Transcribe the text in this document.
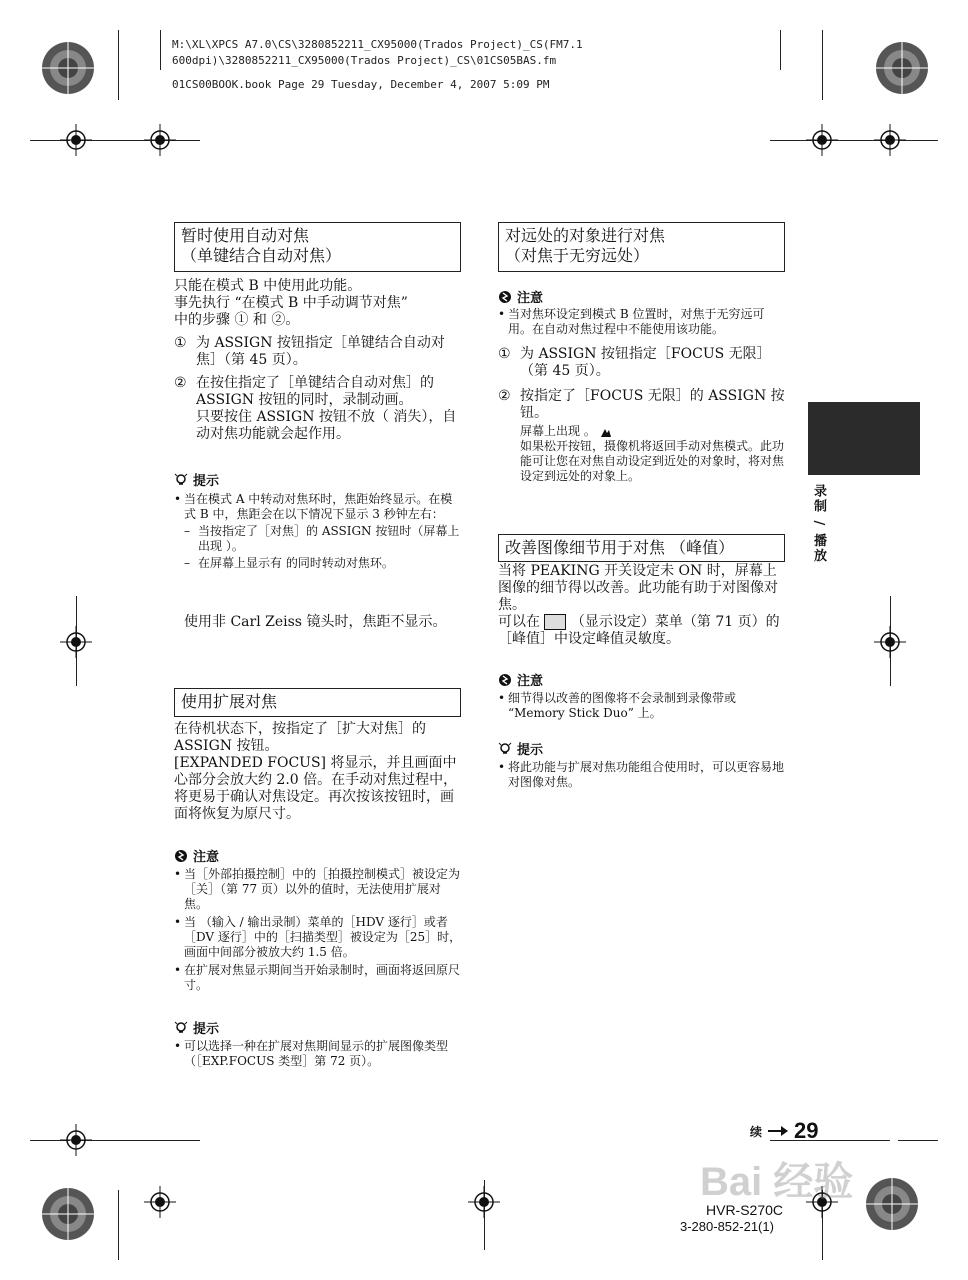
M:\XL\XPCS A7.0\CS\3280852211_CX95000(Trados Project)_CS(FM7.1
600dpi)\3280852211_CX95000(Trados Project)_CS\01CS05BAS.fm
01CS00BOOK.book Page 29 Tuesday, December 4, 2007 5:09 PM
暂时使用自动对焦
（单键结合自动对焦）

只能在模式 B 中使用此功能。

事先执行 “在模式 B 中手动调节对焦”

中的步骤 ① 和 ②。

① 为 ASSIGN 按钮指定［单键结合自动对焦］（第 45 页）。
② 在按住指定了［单键结合自动对焦］的 ASSIGN 按钮的同时，录制动画。
只要按住 ASSIGN 按钮不放（ 消失），自动对焦功能就会起作用。
提示
• 当在模式 A 中转动对焦环时，焦距始终显示。在模式 B 中，焦距会在以下情况下显示 3 秒钟左右：
– 当按指定了［对焦］的 ASSIGN 按钮时（屏幕上出现 ）。
– 在屏幕上显示有 的同时转动对焦环。
使用非 Carl Zeiss 镜头时，焦距不显示。
使用扩展对焦

在待机状态下，按指定了［扩大对焦］的 ASSIGN 按钮。

[EXPANDED FOCUS] 将显示，并且画面中心部分会放大约 2.0 倍。在手动对焦过程中，将更易于确认对焦设定。再次按该按钮时，画面将恢复为原尺寸。

注意
• 当［外部拍摄控制］中的［拍摄控制模式］被设定为［关］（第 77 页）以外的值时，无法使用扩展对焦。
• 当 （输入 / 输出录制）菜单的［HDV 逐行］或者［DV 逐行］中的［扫描类型］被设定为［25］时，画面中间部分被放大约 1.5 倍。
• 在扩展对焦显示期间当开始录制时，画面将返回原尺寸。
提示
• 可以选择一种在扩展对焦期间显示的扩展图像类型（［EXP.FOCUS 类型］第 72 页）。
对远处的对象进行对焦
（对焦于无穷远处）
注意
• 当对焦环设定到模式 B 位置时，对焦于无穷远可用。在自动对焦过程中不能使用该功能。
① 为 ASSIGN 按钮指定［FOCUS 无限］（第 45 页）。
② 按指定了［FOCUS 无限］的 ASSIGN 按钮。
屏幕上出现 。
如果松开按钮，摄像机将返回手动对焦模式。此功能可让您在对焦自动设定到近处的对象时，将对焦设定到远处的对象上。
改善图像细节用于对焦 （峰值）

当将 PEAKING 开关设定未 ON 时，屏幕上图像的细节得以改善。此功能有助于对图像对焦。

可以在 （显示设定）菜单（第 71 页）的［峰值］中设定峰值灵敏度。

注意
• 细节得以改善的图像将不会录制到录像带或 “Memory Stick Duo” 上。
提示
• 将此功能与扩展对焦功能组合使用时，可以更容易地对图像对焦。
录制 / 播放
续 29
HVR-S270C
3-280-852-21(1)
Bai 经验
